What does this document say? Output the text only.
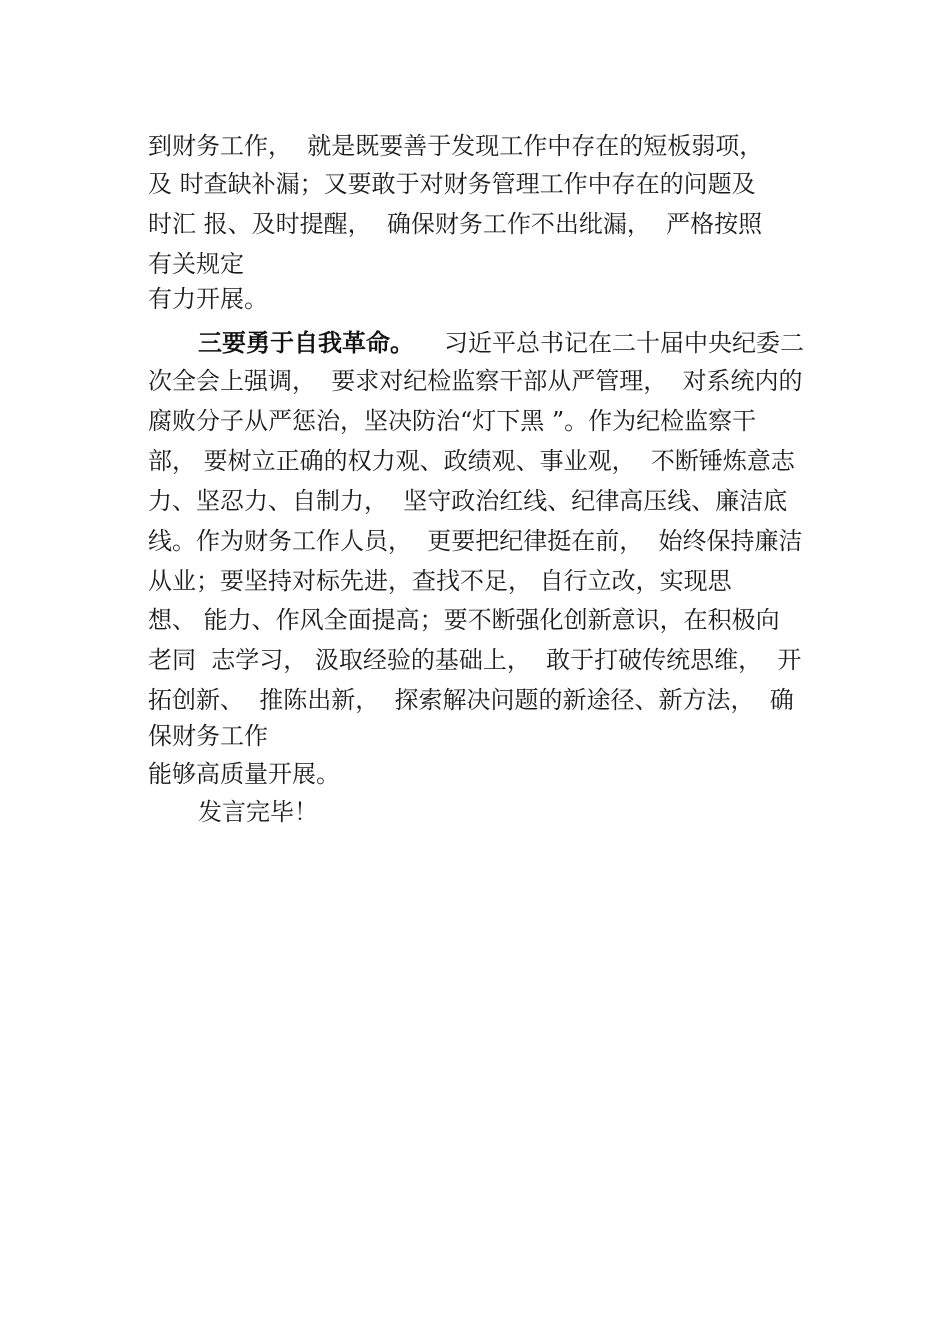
到财务工作，  就是既要善于发现工作中存在的短板弱项，
及 时查缺补漏；又要敢于对财务管理工作中存在的问题及
时汇 报、及时提醒，  确保财务工作不出纰漏，  严格按照
有关规定
有力开展。
三要勇于自我革命。 习近平总书记在二十届中央纪委二
次全会上强调，  要求对纪检监察干部从严管理，  对系统内的
腐败分子从严惩治，坚决防治“灯下黑 ”。作为纪检监察干
部， 要树立正确的权力观、政绩观、事业观，  不断锤炼意志
力、坚忍力、自制力，  坚守政治红线、纪律高压线、廉洁底
线。作为财务工作人员，  更要把纪律挺在前，  始终保持廉洁
从业；要坚持对标先进，查找不足， 自行立改，实现思
想、 能力、作风全面提高；要不断强化创新意识，在积极向
老同  志学习， 汲取经验的基础上，  敢于打破传统思维，  开
拓创新、  推陈出新，  探索解决问题的新途径、新方法，  确
保财务工作
能够高质量开展。
发言完毕！
